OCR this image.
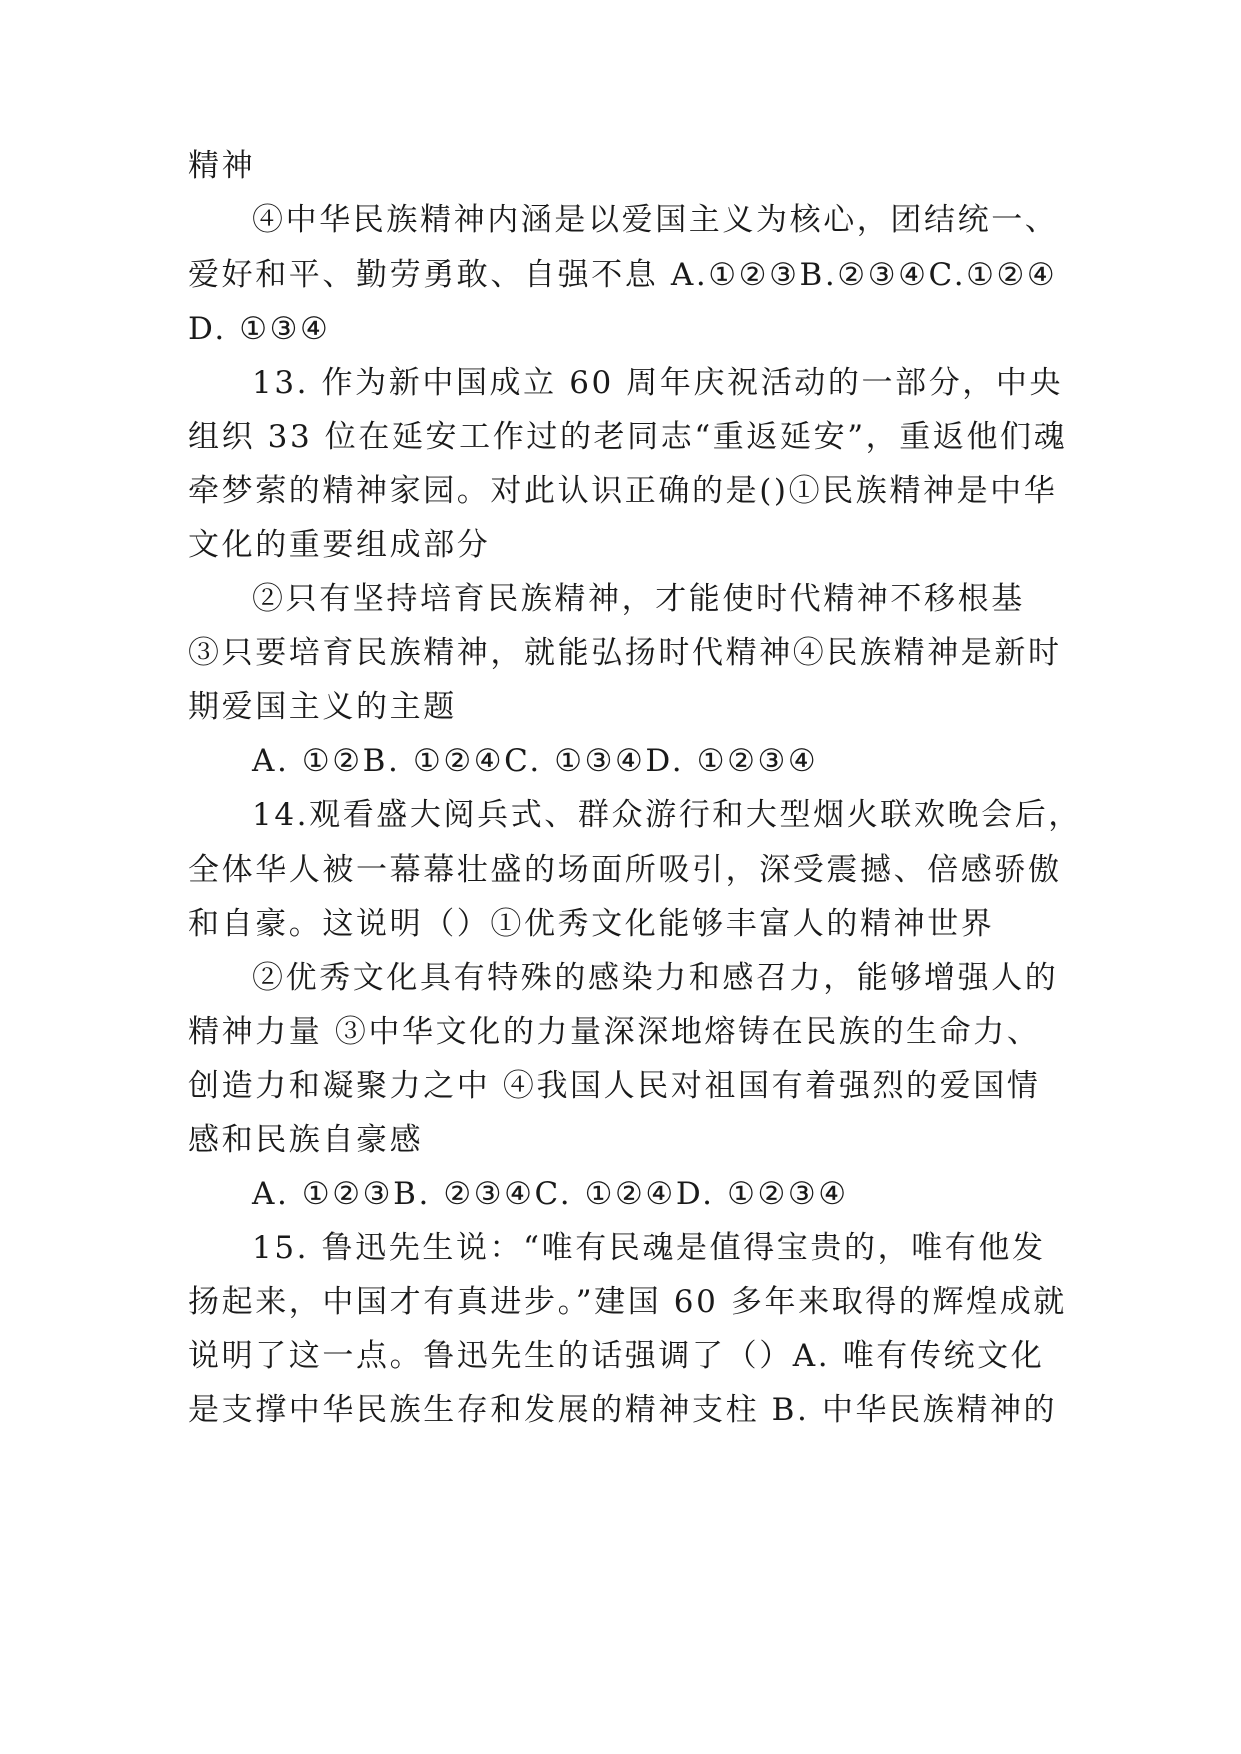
精神
④中华民族精神内涵是以爱国主义为核心，团结统一、
爱好和平、勤劳勇敢、自强不息 A.①②③B.②③④C.①②④
D. ①③④
13. 作为新中国成立 60 周年庆祝活动的一部分，中央
组织 33 位在延安工作过的老同志“重返延安”，重返他们魂
牵梦萦的精神家园。对此认识正确的是()①民族精神是中华
文化的重要组成部分
②只有坚持培育民族精神，才能使时代精神不移根基
③只要培育民族精神，就能弘扬时代精神④民族精神是新时
期爱国主义的主题
A. ①②B. ①②④C. ①③④D. ①②③④
14.观看盛大阅兵式、群众游行和大型烟火联欢晚会后，
全体华人被一幕幕壮盛的场面所吸引，深受震撼、倍感骄傲
和自豪。这说明（）①优秀文化能够丰富人的精神世界
②优秀文化具有特殊的感染力和感召力，能够增强人的
精神力量 ③中华文化的力量深深地熔铸在民族的生命力、
创造力和凝聚力之中 ④我国人民对祖国有着强烈的爱国情
感和民族自豪感
A. ①②③B. ②③④C. ①②④D. ①②③④
15. 鲁迅先生说：“唯有民魂是值得宝贵的，唯有他发
扬起来，中国才有真进步。”建国 60 多年来取得的辉煌成就
说明了这一点。鲁迅先生的话强调了（）A. 唯有传统文化
是支撑中华民族生存和发展的精神支柱 B. 中华民族精神的
